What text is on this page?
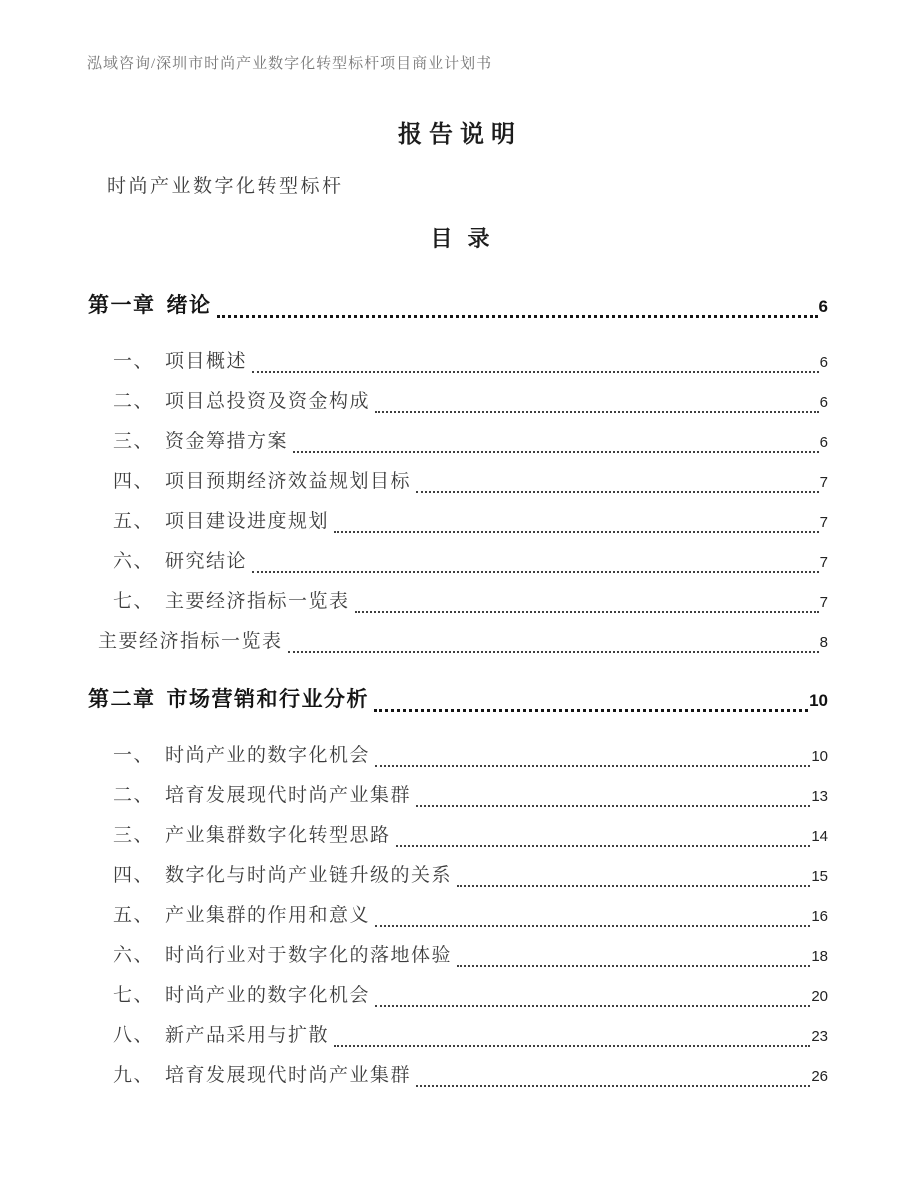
泓域咨询/深圳市时尚产业数字化转型标杆项目商业计划书
报告说明
时尚产业数字化转型标杆
目录
第一章 绪论	6
一、 项目概述	6
二、 项目总投资及资金构成	6
三、 资金筹措方案	6
四、 项目预期经济效益规划目标	7
五、 项目建设进度规划	7
六、 研究结论	7
七、 主要经济指标一览表	7
主要经济指标一览表	8
第二章 市场营销和行业分析	10
一、 时尚产业的数字化机会	10
二、 培育发展现代时尚产业集群	13
三、 产业集群数字化转型思路	14
四、 数字化与时尚产业链升级的关系	15
五、 产业集群的作用和意义	16
六、 时尚行业对于数字化的落地体验	18
七、 时尚产业的数字化机会	20
八、 新产品采用与扩散	23
九、 培育发展现代时尚产业集群	26
